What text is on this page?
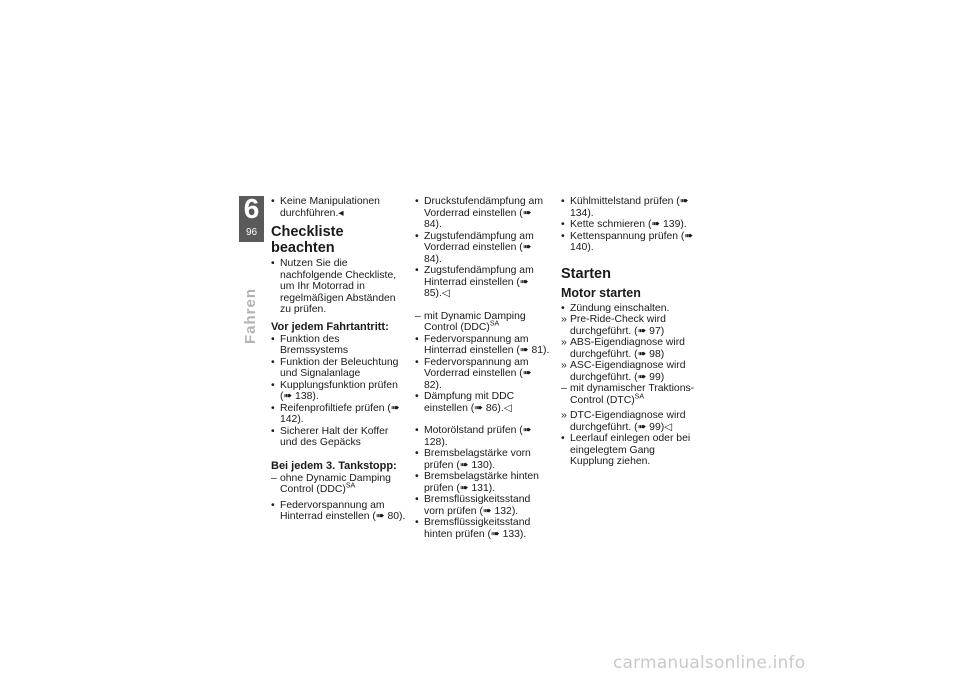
6
96
Fahren
• Keine Manipulationen durchführen.◂
Checkliste beachten
• Nutzen Sie die nachfolgende Checkliste, um Ihr Motorrad in regelmäßigen Abständen zu prüfen.
Vor jedem Fahrtantritt:
• Funktion des Bremssystems
• Funktion der Beleuchtung und Signalanlage
• Kupplungsfunktion prüfen (➠ 138).
• Reifenprofiltiefe prüfen (➠ 142).
• Sicherer Halt der Koffer und des Gepäcks
Bei jedem 3. Tankstopp:
– ohne Dynamic Damping Control (DDC)$^{SA}$
• Federvorspannung am Hinterrad einstellen (➠ 80).
• Druckstufendämpfung am Vorderrad einstellen (➠ 84).
• Zugstufendämpfung am Vorderrad einstellen (➠ 84).
• Zugstufendämpfung am Hinterrad einstellen (➠ 85).◁
– mit Dynamic Damping Control (DDC)$^{SA}$
• Federvorspannung am Hinterrad einstellen (➠ 81).
• Federvorspannung am Vorderrad einstellen (➠ 82).
• Dämpfung mit DDC einstellen (➠ 86).◁
• Motorölstand prüfen (➠ 128).
• Bremsbelagstärke vorn prüfen (➠ 130).
• Bremsbelagstärke hinten prüfen (➠ 131).
• Bremsflüssigkeitsstand vorn prüfen (➠ 132).
• Bremsflüssigkeitsstand hinten prüfen (➠ 133).
• Kühlmittelstand prüfen (➠ 134).
• Kette schmieren (➠ 139).
• Kettenspannung prüfen (➠ 140).
Starten
Motor starten
• Zündung einschalten.
» Pre-Ride-Check wird durchgeführt. (➠ 97)
» ABS-Eigendiagnose wird durchgeführt. (➠ 98)
» ASC-Eigendiagnose wird durchgeführt. (➠ 99)
– mit dynamischer Traktions-Control (DTC)$^{SA}$
» DTC-Eigendiagnose wird durchgeführt. (➠ 99)◁
• Leerlauf einlegen oder bei eingelegtem Gang Kupplung ziehen.
carmanualsonline.info
